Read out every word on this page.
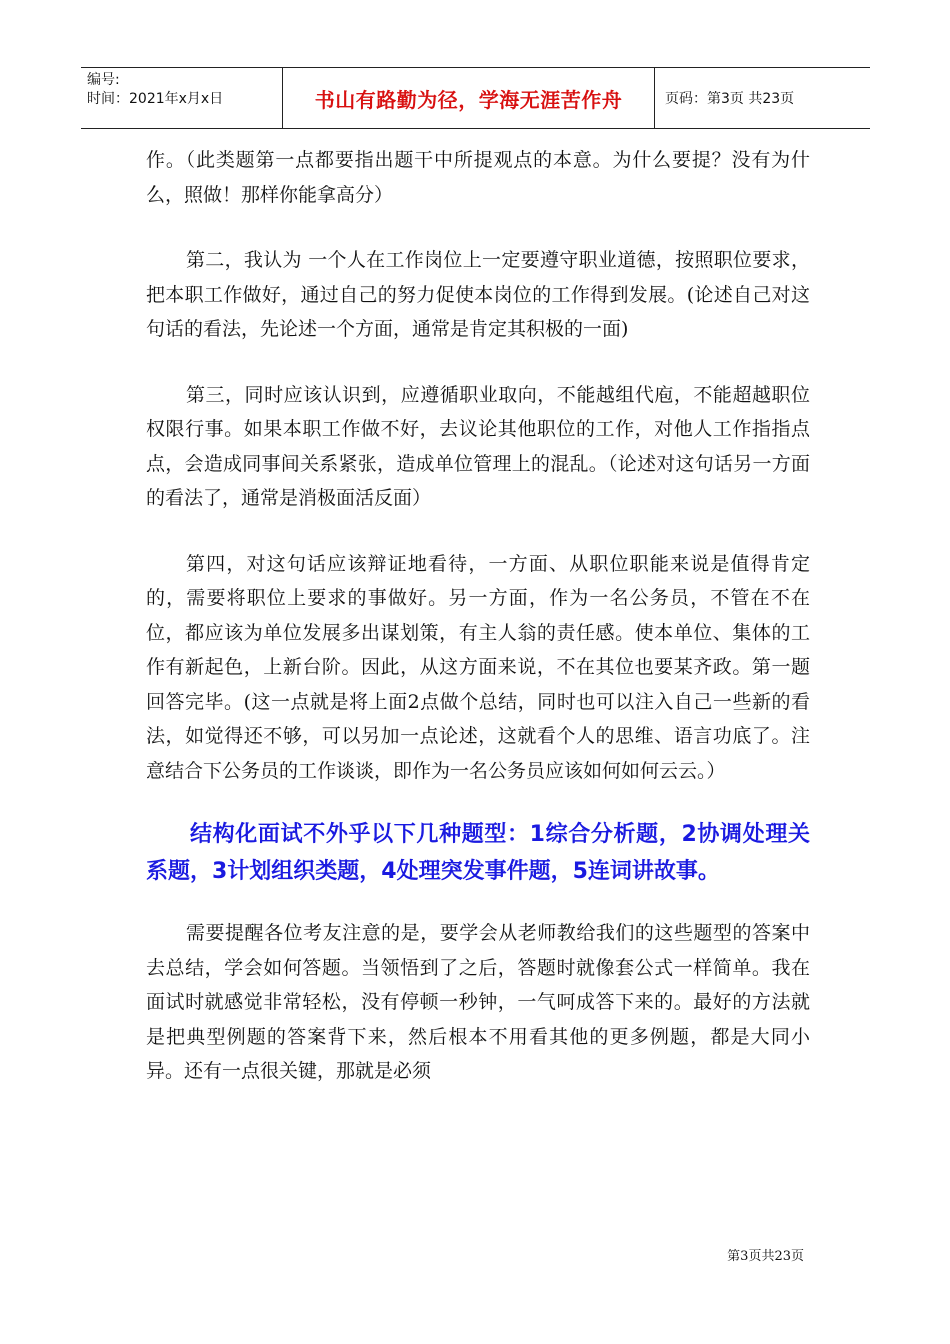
编号:
时间：2021年x月x日	书山有路勤为径，学海无涯苦作舟	页码：第3页 共23页

作。（此类题第一点都要指出题干中所提观点的本意。为什么要提？没有为什么，照做！那样你能拿高分）

第二，我认为 一个人在工作岗位上一定要遵守职业道德，按照职位要求，把本职工作做好，通过自己的努力促使本岗位的工作得到发展。(论述自己对这句话的看法，先论述一个方面，通常是肯定其积极的一面)

第三，同时应该认识到，应遵循职业取向，不能越组代庖，不能超越职位权限行事。如果本职工作做不好，去议论其他职位的工作，对他人工作指指点点，会造成同事间关系紧张，造成单位管理上的混乱。（论述对这句话另一方面的看法了，通常是消极面活反面）

第四，对这句话应该辩证地看待，一方面、从职位职能来说是值得肯定的，需要将职位上要求的事做好。另一方面，作为一名公务员，不管在不在位，都应该为单位发展多出谋划策，有主人翁的责任感。使本单位、集体的工作有新起色，上新台阶。因此，从这方面来说，不在其位也要某齐政。第一题回答完毕。(这一点就是将上面2点做个总结，同时也可以注入自己一些新的看法，如觉得还不够，可以另加一点论述，这就看个人的思维、语言功底了。注意结合下公务员的工作谈谈，即作为一名公务员应该如何如何云云。）

结构化面试不外乎以下几种题型：1综合分析题，2协调处理关系题，3计划组织类题，4处理突发事件题，5连词讲故事。

需要提醒各位考友注意的是，要学会从老师教给我们的这些题型的答案中去总结，学会如何答题。当领悟到了之后，答题时就像套公式一样简单。我在面试时就感觉非常轻松，没有停顿一秒钟，一气呵成答下来的。最好的方法就是把典型例题的答案背下来，然后根本不用看其他的更多例题，都是大同小异。还有一点很关键，那就是必须

第3页共23页
